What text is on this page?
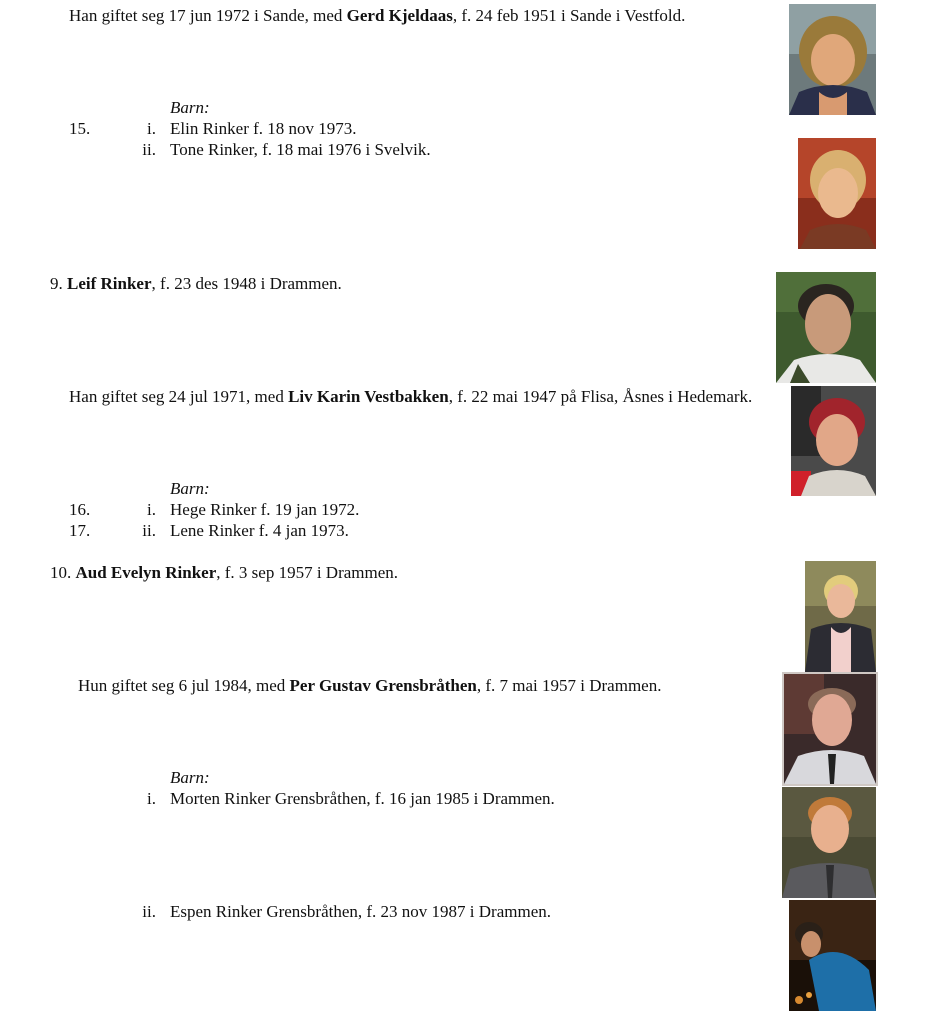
Han giftet seg 17 jun 1972 i Sande, med Gerd Kjeldaas, f. 24 feb 1951 i Sande i Vestfold.
Barn:
15.	i. Elin Rinker f. 18 nov 1973.
ii. Tone Rinker, f. 18 mai 1976 i Svelvik.
9. Leif Rinker, f. 23 des 1948 i Drammen.
Han giftet seg 24 jul 1971, med Liv Karin Vestbakken, f. 22 mai 1947 på Flisa, Åsnes i Hedemark.
Barn:
16.	i. Hege Rinker f. 19 jan 1972.
17.	ii. Lene Rinker f. 4 jan 1973.
10. Aud Evelyn Rinker, f. 3 sep 1957 i Drammen.
Hun giftet seg 6 jul 1984, med Per Gustav Grensbråthen, f. 7 mai 1957 i Drammen.
Barn:
i. Morten Rinker Grensbråthen, f. 16 jan 1985 i Drammen.
ii. Espen Rinker Grensbråthen, f. 23 nov 1987 i Drammen.
